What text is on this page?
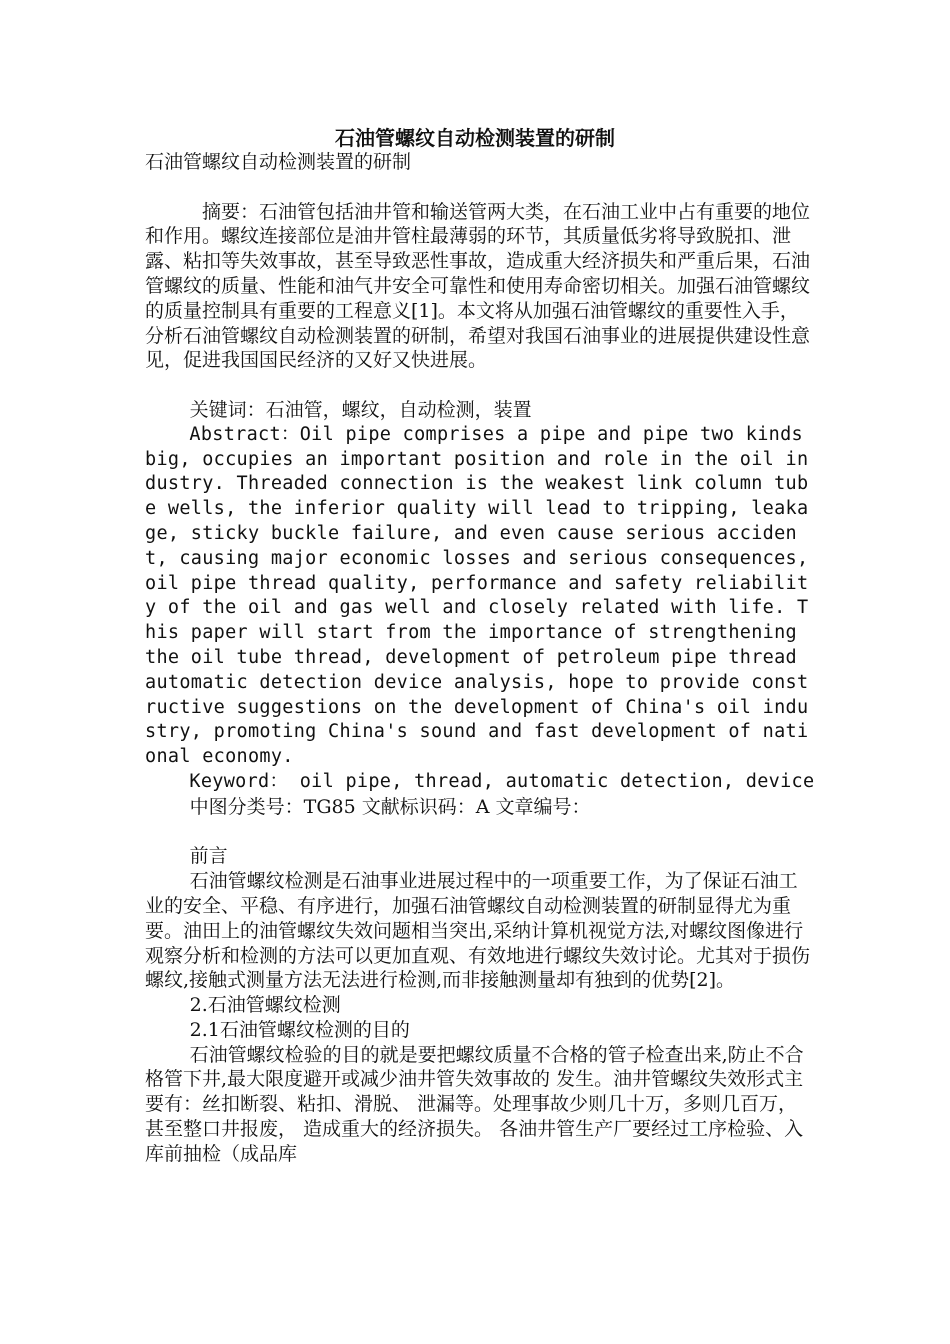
石油管螺纹自动检测装置的研制

石油管螺纹自动检测装置的研制

摘要：石油管包括油井管和输送管两大类，在石油工业中占有重要的地位和作用。螺纹连接部位是油井管柱最薄弱的环节，其质量低劣将导致脱扣、泄露、粘扣等失效事故，甚至导致恶性事故，造成重大经济损失和严重后果，石油管螺纹的质量、性能和油气井安全可靠性和使用寿命密切相关。加强石油管螺纹的质量控制具有重要的工程意义[1]。本文将从加强石油管螺纹的重要性入手，分析石油管螺纹自动检测装置的研制，希望对我国石油事业的进展提供建设性意见，促进我国国民经济的又好又快进展。

关键词：石油管，螺纹，自动检测，装置

Abstract：Oil pipe comprises a pipe and pipe two kinds big, occupies an important position and role in the oil industry. Threaded connection is the weakest link column tube wells, the inferior quality will lead to tripping, leakage, sticky buckle failure, and even cause serious accident, causing major economic losses and serious consequences, oil pipe thread quality, performance and safety reliability of the oil and gas well and closely related with life. This paper will start from the importance of strengthening the oil tube thread, development of petroleum pipe thread automatic detection device analysis, hope to provide constructive suggestions on the development of China's oil industry, promoting China's sound and fast development of national economy.

Keyword： oil pipe, thread, automatic detection, device

中图分类号：TG85 文献标识码：A 文章编号：

前言

石油管螺纹检测是石油事业进展过程中的一项重要工作，为了保证石油工业的安全、平稳、有序进行，加强石油管螺纹自动检测装置的研制显得尤为重要。油田上的油管螺纹失效问题相当突出,采纳计算机视觉方法,对螺纹图像进行观察分析和检测的方法可以更加直观、有效地进行螺纹失效讨论。尤其对于损伤螺纹,接触式测量方法无法进行检测,而非接触测量却有独到的优势[2]。

2.石油管螺纹检测

2.1石油管螺纹检测的目的

石油管螺纹检验的目的就是要把螺纹质量不合格的管子检查出来,防止不合格管下井,最大限度避开或减少油井管失效事故的 发生。油井管螺纹失效形式主要有：丝扣断裂、粘扣、滑脱、 泄漏等。处理事故少则几十万，多则几百万，甚至整口井报废， 造成重大的经济损失。 各油井管生产厂要经过工序检验、入库前抽检（成品库
